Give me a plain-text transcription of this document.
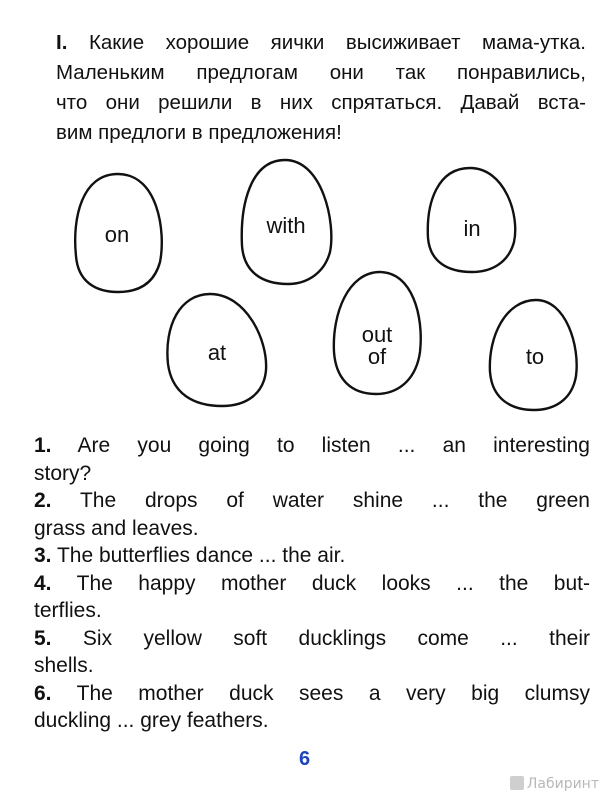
I. Какие хорошие яички высиживает мама-утка.
Маленьким предлогам они так понравились,
что они решили в них спрятаться. Давай вста-
вим предлоги в предложения!
on	with	in
at
out
of	to
1. Are you going to listen ... an interesting
story?
2. The drops of water shine ... the green
grass and leaves.
3. The butterflies dance ... the air.
4. The happy mother duck looks ... the but-
terflies.
5. Six yellow soft ducklings come ... their
shells.
6. The mother duck sees a very big clumsy
duckling ... grey feathers.
6
Лабиринт
